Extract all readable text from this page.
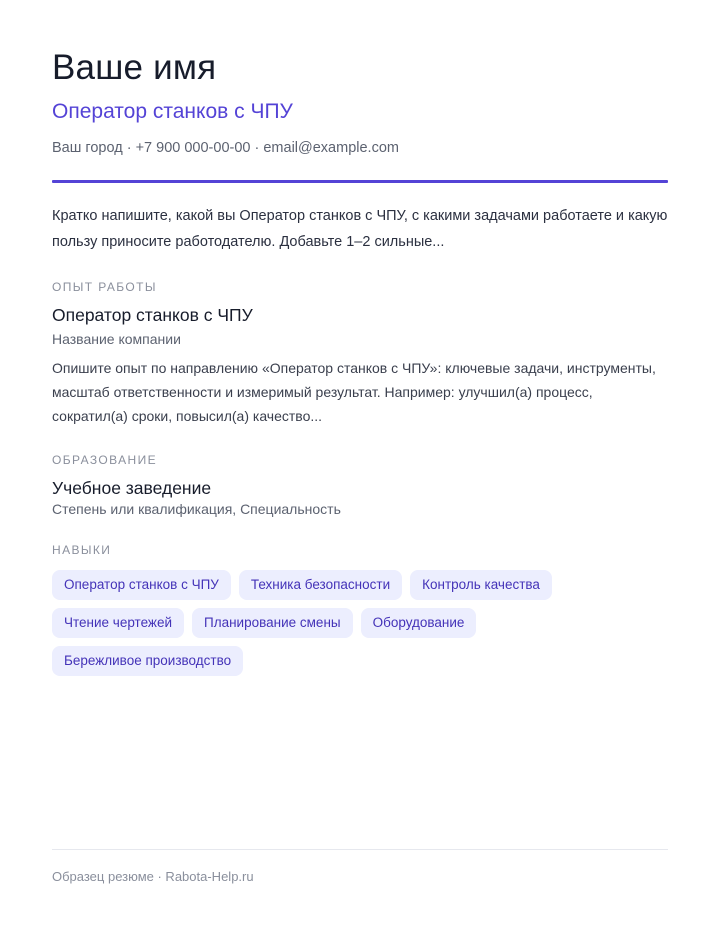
Ваше имя
Оператор станков с ЧПУ
Ваш город · +7 900 000-00-00 · email@example.com

Кратко напишите, какой вы Оператор станков с ЧПУ, с какими задачами работаете и какую пользу приносите работодателю. Добавьте 1–2 сильные...

ОПЫТ РАБОТЫ
Оператор станков с ЧПУ
Название компании

Опишите опыт по направлению «Оператор станков с ЧПУ»: ключевые задачи, инструменты, масштаб ответственности и измеримый результат. Например: улучшил(а) процесс, сократил(а) сроки, повысил(а) качество...

ОБРАЗОВАНИЕ
Учебное заведение
Степень или квалификация, Специальность
НАВЫКИ
Оператор станков с ЧПУ	Техника безопасности	Контроль качества
Чтение чертежей	Планирование смены	Оборудование
Бережливое производство
Образец резюме · Rabota-Help.ru
